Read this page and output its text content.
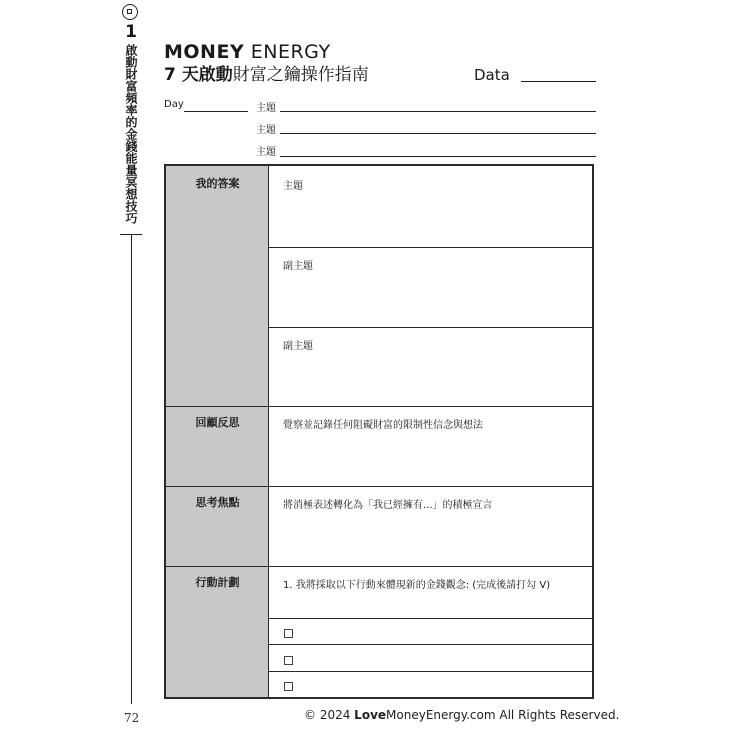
1
啟動財富頻率的金錢能量冥想技巧
72
MONEY ENERGY
7 天啟動財富之鑰操作指南	Data
Day	主題
主題
主題
我的答案
回顧反思
思考焦點
行動計劃
主題
副主題
副主題
覺察並記錄任何阻礙財富的限制性信念與想法
將消極表述轉化為「我已經擁有...」的積極宣言
1. 我將採取以下行動來體現新的金錢觀念: (完成後請打勾 V)
© 2024 LoveMoneyEnergy.com All Rights Reserved.
